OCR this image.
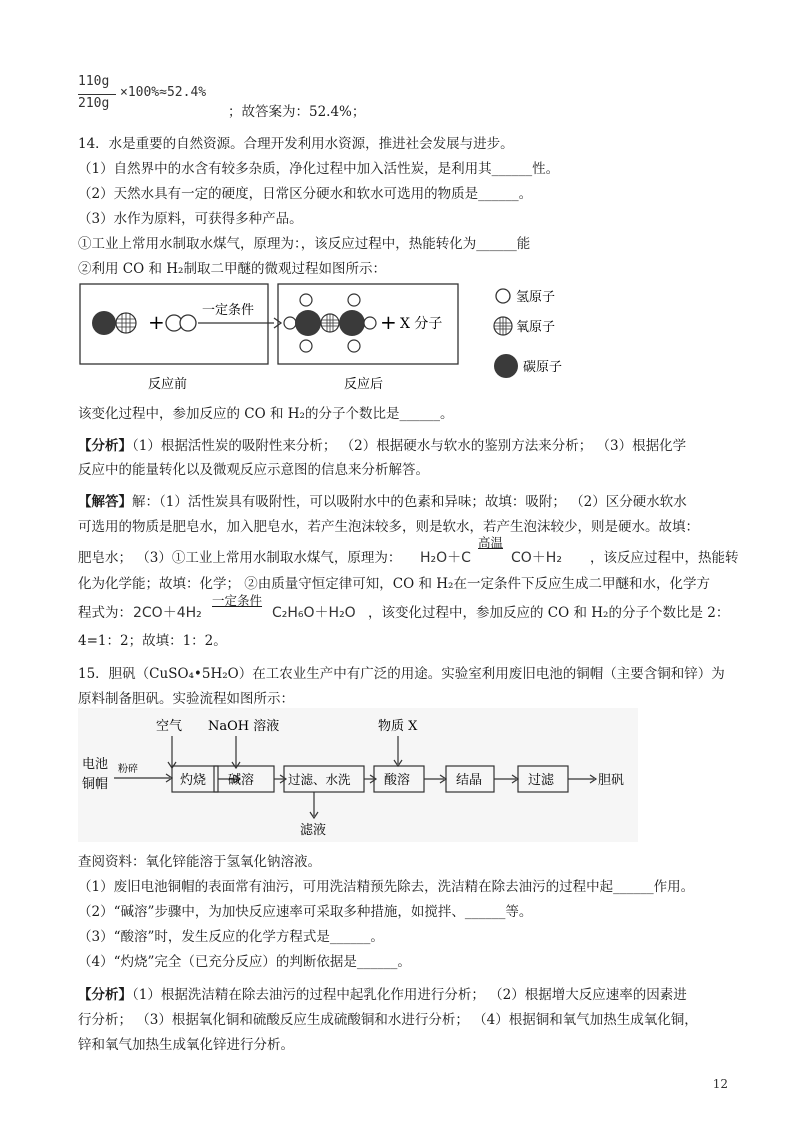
110g
210g
×100%≈52.4%
；故答案为：52.4%；
14．水是重要的自然资源。合理开发利用水资源，推进社会发展与进步。
（1）自然界中的水含有较多杂质，净化过程中加入活性炭，是利用其______性。
（2）天然水具有一定的硬度，日常区分硬水和软水可选用的物质是______。
（3）水作为原料，可获得多种产品。
①工业上常用水制取水煤气，原理为：，该反应过程中，热能转化为______能
②利用 CO 和 H₂制取二甲醚的微观过程如图所示：
+	一定条件	+ X 分子
反应前	反应后
氢原子
氧原子
碳原子
该变化过程中，参加反应的 CO 和 H₂的分子个数比是______。
【分析】（1）根据活性炭的吸附性来分析； （2）根据硬水与软水的鉴别方法来分析； （3）根据化学
反应中的能量转化以及微观反应示意图的信息来分析解答。
【解答】解：（1）活性炭具有吸附性，可以吸附水中的色素和异味；故填：吸附； （2）区分硬水软水
可选用的物质是肥皂水，加入肥皂水，若产生泡沫较多，则是软水，若产生泡沫较少，则是硬水。故填：
肥皂水； （3）①工业上常用水制取水煤气，原理为：
高温
H₂O＋C	CO＋H₂ ，该反应过程中，热能转
化为化学能；故填：化学； ②由质量守恒定律可知，CO 和 H₂在一定条件下反应生成二甲醚和水，化学方
程式为： 2CO＋4H₂
一定条件
C₂H₆O＋H₂O ，该变化过程中，参加反应的 CO 和 H₂的分子个数比是 2：
4=1：2；故填：1：2。
15．胆矾（CuSO₄•5H₂O）在工农业生产中有广泛的用途。实验室利用废旧电池的铜帽（主要含铜和锌）为
原料制备胆矾。实验流程如图所示：
电池
铜帽
粉碎
空气
灼烧
NaOH 溶液
碱溶	过滤、水洗
滤液
物质 X
酸溶	结晶	过滤	胆矾
查阅资料：氧化锌能溶于氢氧化钠溶液。
（1）废旧电池铜帽的表面常有油污，可用洗洁精预先除去，洗洁精在除去油污的过程中起______作用。
（2）“碱溶”步骤中，为加快反应速率可采取多种措施，如搅拌、______等。
（3）“酸溶”时，发生反应的化学方程式是______。
（4）“灼烧”完全（已充分反应）的判断依据是______。
【分析】（1）根据洗洁精在除去油污的过程中起乳化作用进行分析； （2）根据增大反应速率的因素进
行分析； （3）根据氧化铜和硫酸反应生成硫酸铜和水进行分析； （4）根据铜和氧气加热生成氧化铜，
锌和氧气加热生成氧化锌进行分析。
12
